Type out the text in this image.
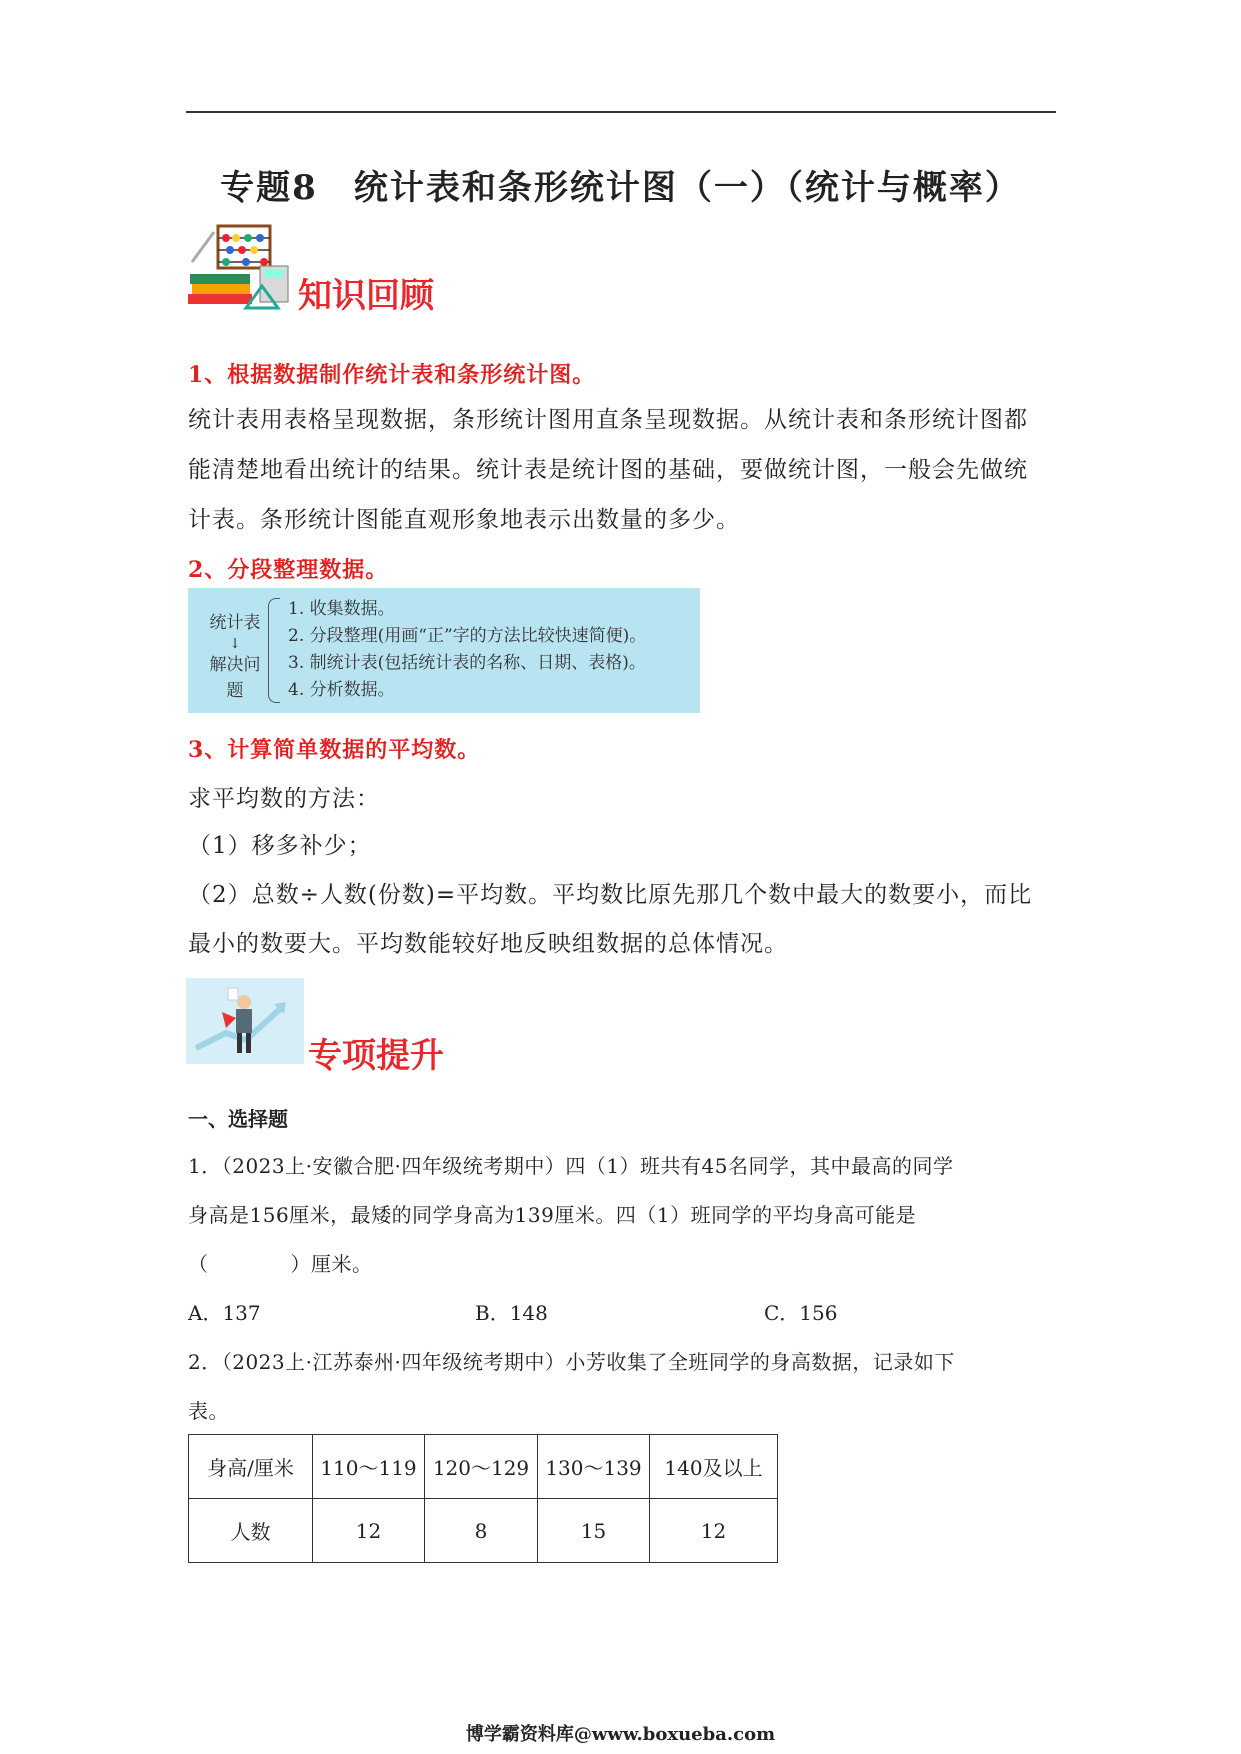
专题8　统计表和条形统计图（一）（统计与概率）
知识回顾
1、根据数据制作统计表和条形统计图。
统计表用表格呈现数据，条形统计图用直条呈现数据。从统计表和条形统计图都
能清楚地看出统计的结果。统计表是统计图的基础，要做统计图，一般会先做统
计表。条形统计图能直观形象地表示出数量的多少。
2、分段整理数据。
统计表
↓
解决问题
1. 收集数据。
2. 分段整理(用画“正”字的方法比较快速简便)。
3. 制统计表(包括统计表的名称、日期、表格)。
4. 分析数据。
3、计算简单数据的平均数。
求平均数的方法：
（1）移多补少；
（2）总数÷人数(份数)=平均数。平均数比原先那几个数中最大的数要小，而比
最小的数要大。平均数能较好地反映组数据的总体情况。
专项提升
一、选择题
1．（2023上·安徽合肥·四年级统考期中）四（1）班共有45名同学，其中最高的同学
身高是156厘米，最矮的同学身高为139厘米。四（1）班同学的平均身高可能是
（　　　　）厘米。
A．137	B．148	C．156
2．（2023上·江苏泰州·四年级统考期中）小芳收集了全班同学的身高数据，记录如下
表。
身高/厘米	110～119	120～129	130～139	140及以上
人数	12	8	15	12
博学霸资料库@www.boxueba.com
